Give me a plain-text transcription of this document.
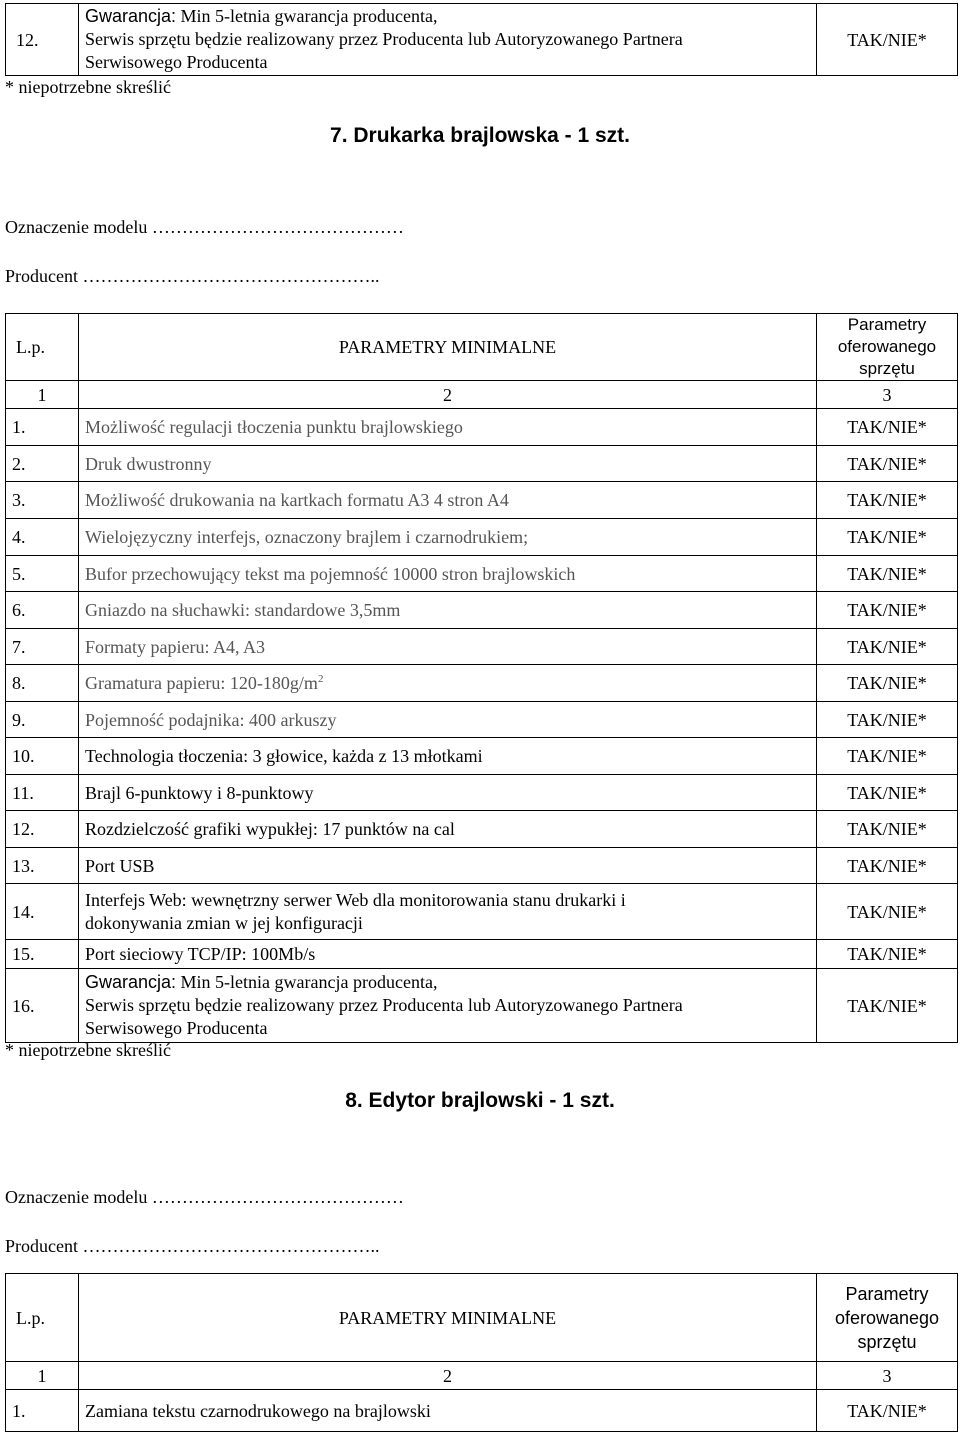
12.	Gwarancja: Min 5-letnia gwarancja producenta,
Serwis sprzętu będzie realizowany przez Producenta lub Autoryzowanego Partnera
Serwisowego Producenta	TAK/NIE*
* niepotrzebne skreślić
7. Drukarka brajlowska - 1 szt.
Oznaczenie modelu ……………………………………
Producent …………………………………………..
L.p.	PARAMETRY MINIMALNE	Parametry
oferowanego
sprzętu
1	2	3
1.	Możliwość regulacji tłoczenia punktu brajlowskiego	TAK/NIE*
2.	Druk dwustronny	TAK/NIE*
3.	Możliwość drukowania na kartkach formatu A3 4 stron A4	TAK/NIE*
4.	Wielojęzyczny interfejs, oznaczony brajlem i czarnodrukiem;	TAK/NIE*
5.	Bufor przechowujący tekst ma pojemność 10000 stron brajlowskich	TAK/NIE*
6.	Gniazdo na słuchawki: standardowe 3,5mm	TAK/NIE*
7.	Formaty papieru: A4, A3	TAK/NIE*
8.	Gramatura papieru: $120-180g/m^2$	TAK/NIE*
9.	Pojemność podajnika: 400 arkuszy	TAK/NIE*
10.	Technologia tłoczenia: 3 głowice, każda z 13 młotkami	TAK/NIE*
11.	Brajl 6-punktowy i 8-punktowy	TAK/NIE*
12.	Rozdzielczość grafiki wypukłej: 17 punktów na cal	TAK/NIE*
13.	Port USB	TAK/NIE*
14.	Interfejs Web: wewnętrzny serwer Web dla monitorowania stanu drukarki i
dokonywania zmian w jej konfiguracji	TAK/NIE*
15.	Port sieciowy TCP/IP: 100Mb/s	TAK/NIE*
16.	Gwarancja: Min 5-letnia gwarancja producenta,
Serwis sprzętu będzie realizowany przez Producenta lub Autoryzowanego Partnera
Serwisowego Producenta	TAK/NIE*
* niepotrzebne skreślić
8. Edytor brajlowski - 1 szt.
Oznaczenie modelu ……………………………………
Producent …………………………………………..
L.p.	PARAMETRY MINIMALNE	Parametry
oferowanego
sprzętu
1	2	3
1.	Zamiana tekstu czarnodrukowego na brajlowski	TAK/NIE*
